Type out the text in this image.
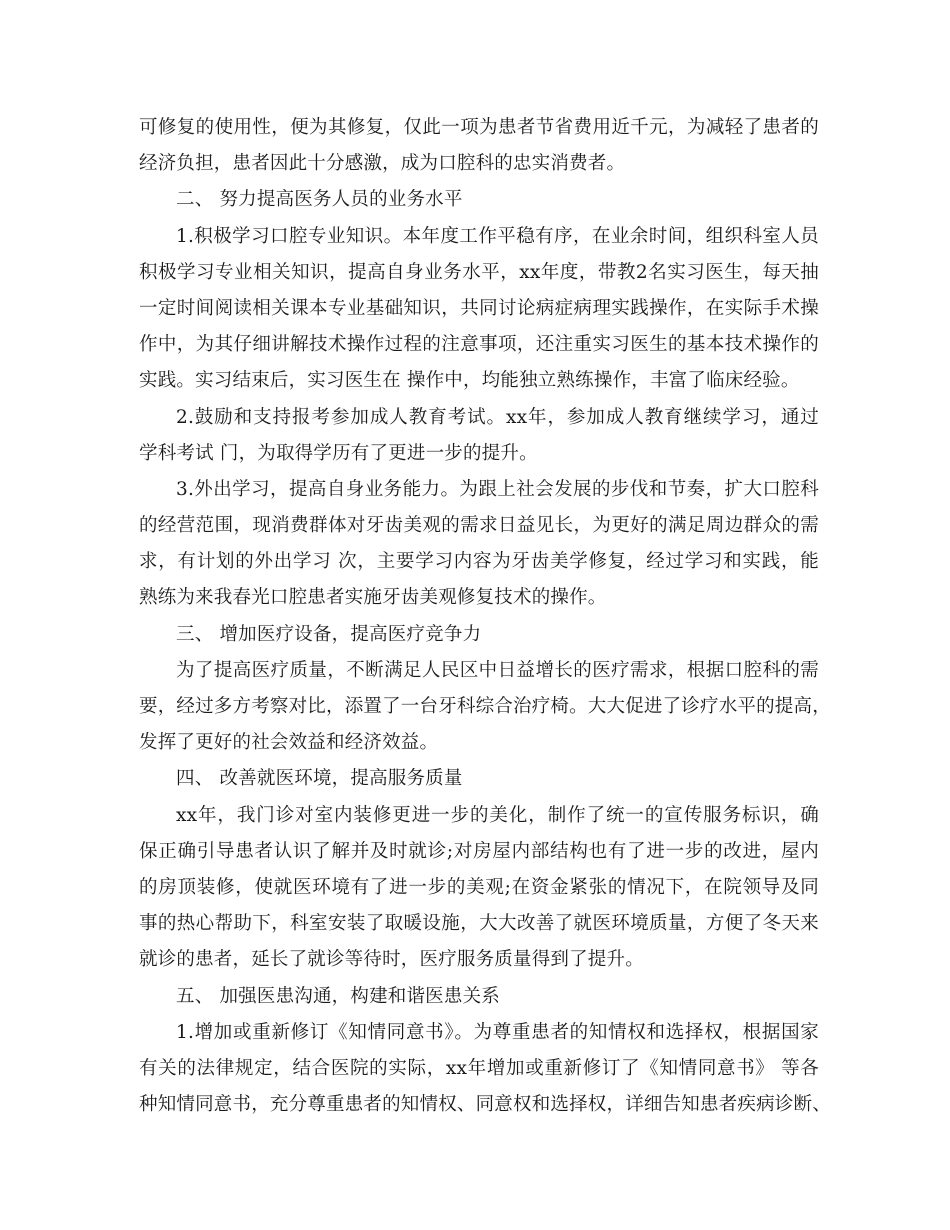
可修复的使用性，便为其修复，仅此一项为患者节省费用近千元，为减轻了患者的
经济负担，患者因此十分感激，成为口腔科的忠实消费者。
二、 努力提高医务人员的业务水平
1.积极学习口腔专业知识。本年度工作平稳有序，在业余时间，组织科室人员
积极学习专业相关知识，提高自身业务水平，xx年度，带教2名实习医生，每天抽
一定时间阅读相关课本专业基础知识，共同讨论病症病理实践操作，在实际手术操
作中，为其仔细讲解技术操作过程的注意事项，还注重实习医生的基本技术操作的
实践。实习结束后，实习医生在 操作中，均能独立熟练操作，丰富了临床经验。
2.鼓励和支持报考参加成人教育考试。xx年，参加成人教育继续学习，通过
学科考试 门，为取得学历有了更进一步的提升。
3.外出学习，提高自身业务能力。为跟上社会发展的步伐和节奏，扩大口腔科
的经营范围，现消费群体对牙齿美观的需求日益见长，为更好的满足周边群众的需
求，有计划的外出学习 次，主要学习内容为牙齿美学修复，经过学习和实践，能
熟练为来我春光口腔患者实施牙齿美观修复技术的操作。
三、 增加医疗设备，提高医疗竞争力
为了提高医疗质量，不断满足人民区中日益增长的医疗需求，根据口腔科的需
要，经过多方考察对比，添置了一台牙科综合治疗椅。大大促进了诊疗水平的提高，
发挥了更好的社会效益和经济效益。
四、 改善就医环境，提高服务质量
xx年，我门诊对室内装修更进一步的美化，制作了统一的宣传服务标识，确
保正确引导患者认识了解并及时就诊;对房屋内部结构也有了进一步的改进，屋内
的房顶装修，使就医环境有了进一步的美观;在资金紧张的情况下，在院领导及同
事的热心帮助下，科室安装了取暖设施，大大改善了就医环境质量，方便了冬天来
就诊的患者，延长了就诊等待时，医疗服务质量得到了提升。
五、 加强医患沟通，构建和谐医患关系
1.增加或重新修订《知情同意书》。为尊重患者的知情权和选择权，根据国家
有关的法律规定，结合医院的实际，xx年增加或重新修订了《知情同意书》 等各
种知情同意书，充分尊重患者的知情权、同意权和选择权，详细告知患者疾病诊断、
